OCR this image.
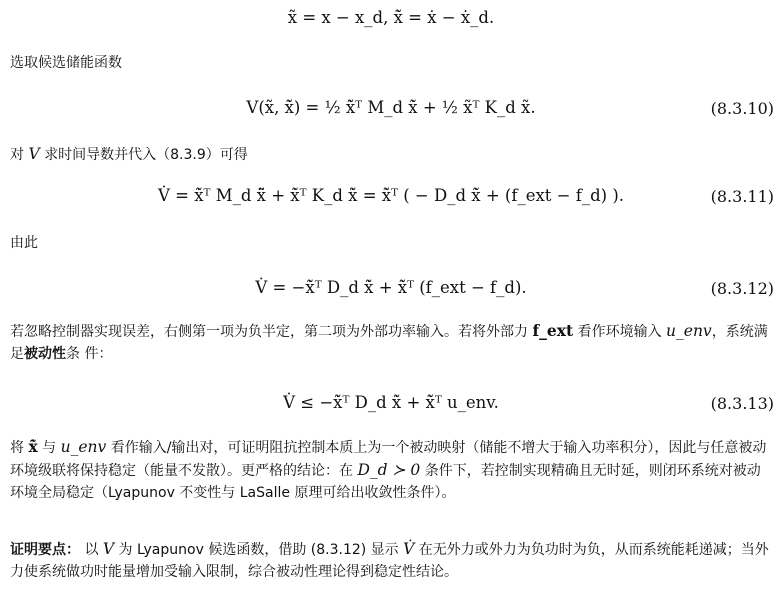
x̃ = x − x_d, x̃̇ = ẋ − ẋ_d.
选取候选储能函数
V(x̃, x̃̇) = ½ x̃̇ᵀ M_d x̃̇ + ½ x̃ᵀ K_d x̃.	(8.3.10)
对 V 求时间导数并代入（8.3.9）可得
V̇ = x̃̇ᵀ M_d x̃̈ + x̃̇ᵀ K_d x̃̇ = x̃̇ᵀ ( − D_d x̃̇ + (f_ext − f_d) ).	(8.3.11)
由此
V̇ = −x̃̇ᵀ D_d x̃̇ + x̃̇ᵀ (f_ext − f_d).	(8.3.12)
若忽略控制器实现误差，右侧第一项为负半定，第二项为外部功率输入。若将外部力 f_ext 看作环境输入 u_env，系统满足被动性条 件：
V̇ ≤ −x̃̇ᵀ D_d x̃̇ + x̃̇ᵀ u_env.	(8.3.13)
将 x̃̇ 与 u_env 看作输入/输出对，可证明阻抗控制本质上为一个被动映射（储能不增大于输入功率积分），因此与任意被动环境级联将保持稳定（能量不发散）。更严格的结论：在 D_d ≻ 0 条件下，若控制实现精确且无时延，则闭环系统对被动环境全局稳定（Lyapunov 不变性与 LaSalle 原理可给出收敛性条件）。
证明要点： 以 V 为 Lyapunov 候选函数，借助 (8.3.12) 显示 V̇ 在无外力或外力为负功时为负，从而系统能耗递减；当外力使系统做功时能量增加受输入限制，综合被动性理论得到稳定性结论。
